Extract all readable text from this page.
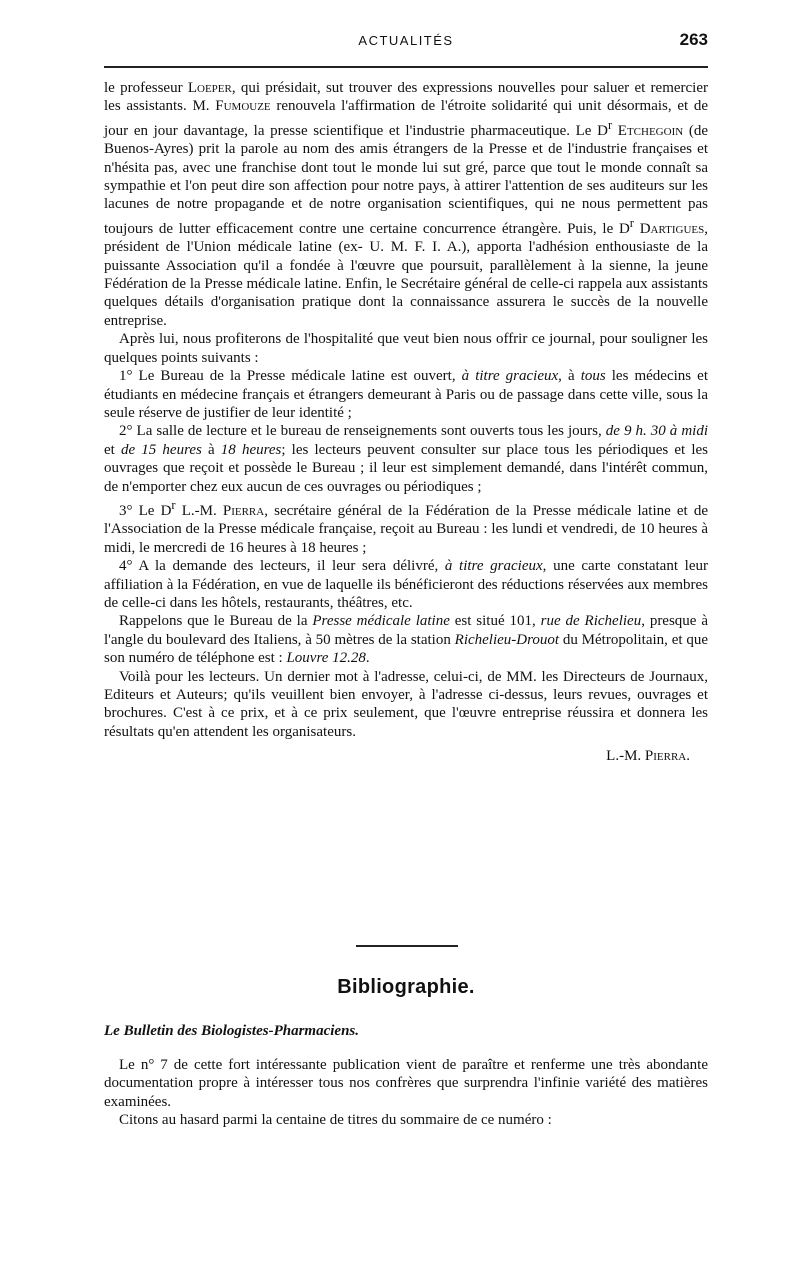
ACTUALITÉS	263

le professeur Loeper, qui présidait, sut trouver des expressions nouvelles pour saluer et remercier les assistants. M. Fumouze renouvela l'affirmation de l'étroite solidarité qui unit désormais, et de jour en jour davantage, la presse scientifique et l'industrie pharmaceutique. Le $D^r$ Etchegoin (de Buenos-Ayres) prit la parole au nom des amis étrangers de la Presse et de l'industrie françaises et n'hésita pas, avec une franchise dont tout le monde lui sut gré, parce que tout le monde connaît sa sympathie et l'on peut dire son affection pour notre pays, à attirer l'attention de ses auditeurs sur les lacunes de notre propagande et de notre organisation scientifiques, qui ne nous permettent pas toujours de lutter efficacement contre une certaine concurrence étrangère. Puis, le $D^r$ Dartigues, président de l'Union médicale latine (ex- U. M. F. I. A.), apporta l'adhésion enthousiaste de la puissante Association qu'il a fondée à l'œuvre que poursuit, parallèlement à la sienne, la jeune Fédération de la Presse médicale latine. Enfin, le Secrétaire général de celle-ci rappela aux assistants quelques détails d'organisation pratique dont la connaissance assurera le succès de la nouvelle entreprise.

Après lui, nous profiterons de l'hospitalité que veut bien nous offrir ce journal, pour souligner les quelques points suivants :

1° Le Bureau de la Presse médicale latine est ouvert, à titre gracieux, à tous les médecins et étudiants en médecine français et étrangers demeurant à Paris ou de passage dans cette ville, sous la seule réserve de justifier de leur identité ;

2° La salle de lecture et le bureau de renseignements sont ouverts tous les jours, de 9 h. 30 à midi et de 15 heures à 18 heures; les lecteurs peuvent consulter sur place tous les périodiques et les ouvrages que reçoit et possède le Bureau ; il leur est simplement demandé, dans l'intérêt commun, de n'emporter chez eux aucun de ces ouvrages ou périodiques ;

3° Le $D^r$ L.-M. Pierra, secrétaire général de la Fédération de la Presse médicale latine et de l'Association de la Presse médicale française, reçoit au Bureau : les lundi et vendredi, de 10 heures à midi, le mercredi de 16 heures à 18 heures ;

4° A la demande des lecteurs, il leur sera délivré, à titre gracieux, une carte constatant leur affiliation à la Fédération, en vue de laquelle ils bénéficieront des réductions réservées aux membres de celle-ci dans les hôtels, restaurants, théâtres, etc.

Rappelons que le Bureau de la Presse médicale latine est situé 101, rue de Richelieu, presque à l'angle du boulevard des Italiens, à 50 mètres de la station Richelieu-Drouot du Métropolitain, et que son numéro de téléphone est : Louvre 12.28.

Voilà pour les lecteurs. Un dernier mot à l'adresse, celui-ci, de MM. les Directeurs de Journaux, Editeurs et Auteurs; qu'ils veuillent bien envoyer, à l'adresse ci-dessus, leurs revues, ouvrages et brochures. C'est à ce prix, et à ce prix seulement, que l'œuvre entreprise réussira et donnera les résultats qu'en attendent les organisateurs.

L.-M. Pierra.
Bibliographie.

Le Bulletin des Biologistes-Pharmaciens.

Le n° 7 de cette fort intéressante publication vient de paraître et renferme une très abondante documentation propre à intéresser tous nos confrères que surprendra l'infinie variété des matières examinées.

Citons au hasard parmi la centaine de titres du sommaire de ce numéro :
